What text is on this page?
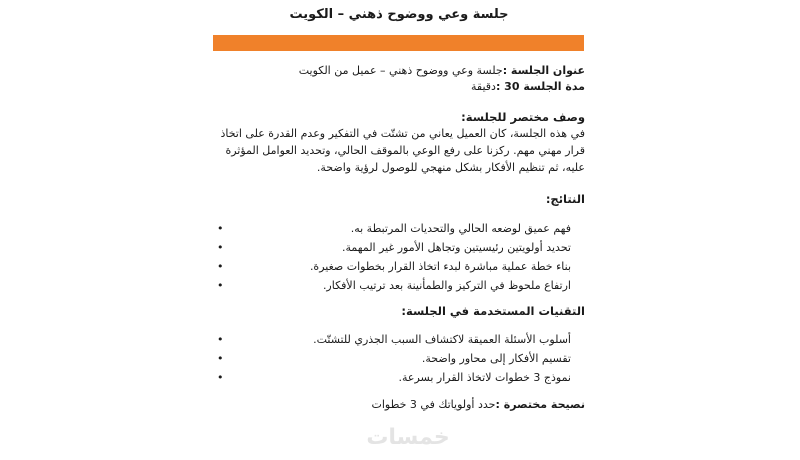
جلسة وعي ووضوح ذهني – الكويت
عنوان الجلسة :جلسة وعي ووضوح ذهني – عميل من الكويت
مدة الجلسة 30 :دقيقة
وصف مختصر للجلسة:
في هذه الجلسة، كان العميل يعاني من تشتّت في التفكير وعدم القدرة على اتخاذ
قرار مهني مهم. ركزنا على رفع الوعي بالموقف الحالي، وتحديد العوامل المؤثرة
عليه، ثم تنظيم الأفكار بشكل منهجي للوصول لرؤية واضحة.
النتائج:
•	فهم عميق لوضعه الحالي والتحديات المرتبطة به.
•	تحديد أولويتين رئيسيتين وتجاهل الأمور غير المهمة.
•	بناء خطة عملية مباشرة لبدء اتخاذ القرار بخطوات صغيرة.
•	ارتفاع ملحوظ في التركيز والطمأنينة بعد ترتيب الأفكار.
التقنيات المستخدمة في الجلسة:
•	أسلوب الأسئلة العميقة لاكتشاف السبب الجذري للتشتّت.
•	تقسيم الأفكار إلى محاور واضحة.
•	نموذج 3 خطوات لاتخاذ القرار بسرعة.
نصيحة مختصرة :حدد أولوياتك في 3 خطوات
خمسات
